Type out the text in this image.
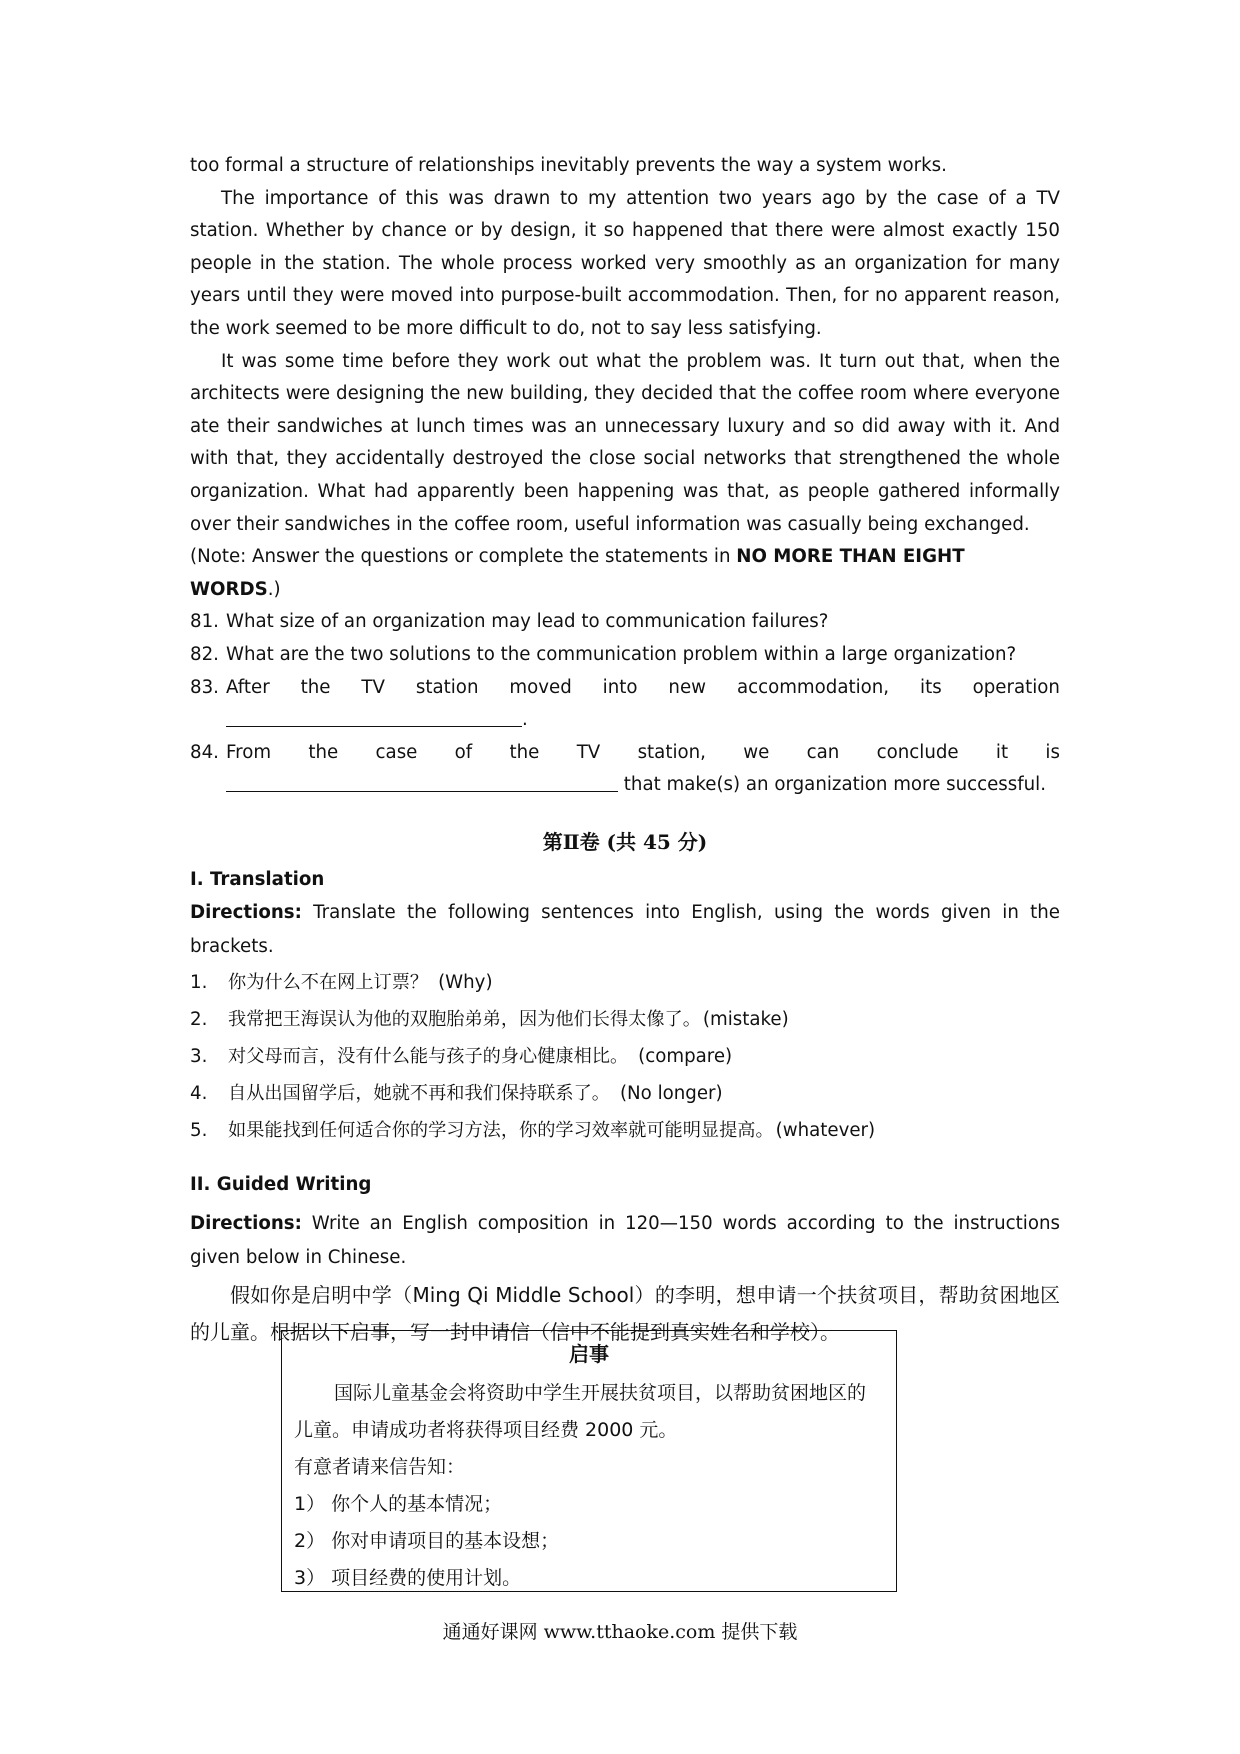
too formal a structure of relationships inevitably prevents the way a system works.

The importance of this was drawn to my attention two years ago by the case of a TV station. Whether by chance or by design, it so happened that there were almost exactly 150 people in the station. The whole process worked very smoothly as an organization for many years until they were moved into purpose-built accommodation. Then, for no apparent reason, the work seemed to be more difficult to do, not to say less satisfying.

It was some time before they work out what the problem was. It turn out that, when the architects were designing the new building, they decided that the coffee room where everyone ate their sandwiches at lunch times was an unnecessary luxury and so did away with it. And with that, they accidentally destroyed the close social networks that strengthened the whole organization. What had apparently been happening was that, as people gathered informally over their sandwiches in the coffee room, useful information was casually being exchanged.

(Note: Answer the questions or complete the statements in NO MORE THAN EIGHT WORDS.)

81. What size of an organization may lead to communication failures?
82. What are the two solutions to the communication problem within a large organization?
83. After the TV station moved into new accommodation, its operation
.
84. From the case of the TV station, we can conclude it is
that make(s) an organization more successful.
第Ⅱ卷 (共 45 分)

I. Translation

Directions: Translate the following sentences into English, using the words given in the brackets.

1.	你为什么不在网上订票？ (Why)
2.	我常把王海误认为他的双胞胎弟弟，因为他们长得太像了。 (mistake)
3.	对父母而言，没有什么能与孩子的身心健康相比。 (compare)
4.	自从出国留学后，她就不再和我们保持联系了。 (No longer)
5.	如果能找到任何适合你的学习方法，你的学习效率就可能明显提高。 (whatever)

II. Guided Writing

Directions: Write an English composition in 120—150 words according to the instructions given below in Chinese.

假如你是启明中学（Ming Qi Middle School）的李明，想申请一个扶贫项目，帮助贫困地区的儿童。根据以下启事，写一封申请信（信中不能提到真实姓名和学校）。

启事

国际儿童基金会将资助中学生开展扶贫项目，以帮助贫困地区的儿童。申请成功者将获得项目经费 2000 元。

有意者请来信告知：

1） 你个人的基本情况；

2） 你对申请项目的基本设想；

3） 项目经费的使用计划。

通通好课网 www.tthaoke.com 提供下载
